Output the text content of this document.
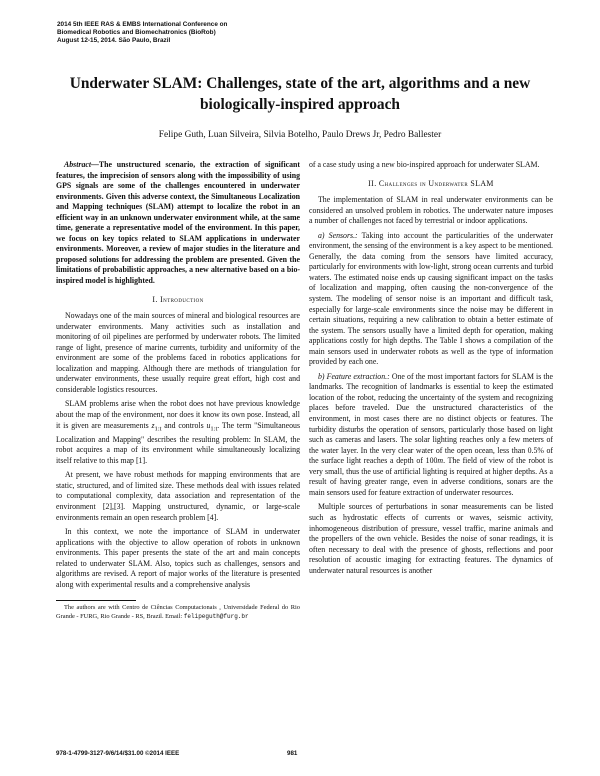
2014 5th IEEE RAS & EMBS International Conference on
Biomedical Robotics and Biomechatronics (BioRob)
August 12-15, 2014. São Paulo, Brazil
Underwater SLAM: Challenges, state of the art, algorithms and a new biologically-inspired approach
Felipe Guth, Luan Silveira, Silvia Botelho, Paulo Drews Jr, Pedro Ballester

Abstract—The unstructured scenario, the extraction of significant features, the imprecision of sensors along with the impossibility of using GPS signals are some of the challenges encountered in underwater environments. Given this adverse context, the Simultaneous Localization and Mapping techniques (SLAM) attempt to localize the robot in an efficient way in an unknown underwater environment while, at the same time, generate a representative model of the environment. In this paper, we focus on key topics related to SLAM applications in underwater environments. Moreover, a review of major studies in the literature and proposed solutions for addressing the problem are presented. Given the limitations of probabilistic approaches, a new alternative based on a bio-inspired model is highlighted.

I. Introduction

Nowadays one of the main sources of mineral and biological resources are underwater environments. Many activities such as installation and monitoring of oil pipelines are performed by underwater robots. The limited range of light, presence of marine currents, turbidity and uniformity of the environment are some of the problems faced in robotics applications for localization and mapping. Although there are methods of triangulation for underwater environments, these usually require great effort, high cost and considerable logistics resources.

SLAM problems arise when the robot does not have previous knowledge about the map of the environment, nor does it know its own pose. Instead, all it is given are measurements $z_{1:t}$ and controls $u_{1:t}$. The term "Simultaneous Localization and Mapping" describes the resulting problem: In SLAM, the robot acquires a map of its environment while simultaneously localizing itself relative to this map [1].

At present, we have robust methods for mapping environments that are static, structured, and of limited size. These methods deal with issues related to computational complexity, data association and representation of the environment [2],[3]. Mapping unstructured, dynamic, or large-scale environments remain an open research problem [4].

In this context, we note the importance of SLAM in underwater applications with the objective to allow operation of robots in unknown environments. This paper presents the state of the art and main concepts related to underwater SLAM. Also, topics such as challenges, sensors and algorithms are revised. A report of major works of the literature is presented along with experimental results and a comprehensive analysis

The authors are with Centro de Ciências Computacionais , Universidade Federal do Rio Grande - FURG, Rio Grande - RS, Brazil. Email: felipeguth@furg.br

of a case study using a new bio-inspired approach for underwater SLAM.

II. Challenges in Underwater SLAM

The implementation of SLAM in real underwater environments can be considered an unsolved problem in robotics. The underwater nature imposes a number of challenges not faced by terrestrial or indoor applications.

a) Sensors.: Taking into account the particularities of the underwater environment, the sensing of the environment is a key aspect to be mentioned. Generally, the data coming from the sensors have limited accuracy, particularly for environments with low-light, strong ocean currents and turbid waters. The estimated noise ends up causing significant impact on the tasks of localization and mapping, often causing the non-convergence of the system. The modeling of sensor noise is an important and difficult task, especially for large-scale environments since the noise may be different in certain situations, requiring a new calibration to obtain a better estimate of the system. The sensors usually have a limited depth for operation, making applications costly for high depths. The Table I shows a compilation of the main sensors used in underwater robots as well as the type of information provided by each one.

b) Feature extraction.: One of the most important factors for SLAM is the landmarks. The recognition of landmarks is essential to keep the estimated location of the robot, reducing the uncertainty of the system and recognizing places before traveled. Due the unstructured characteristics of the environment, in most cases there are no distinct objects or features. The turbidity disturbs the operation of sensors, particularly those based on light such as cameras and lasers. The solar lighting reaches only a few meters of the water layer. In the very clear water of the open ocean, less than 0.5% of the surface light reaches a depth of 100m. The field of view of the robot is very small, thus the use of artificial lighting is required at higher depths. As a result of having greater range, even in adverse conditions, sonars are the main sensors used for feature extraction of underwater resources.

Multiple sources of perturbations in sonar measurements can be listed such as hydrostatic effects of currents or waves, seismic activity, inhomogeneous distribution of pressure, vessel traffic, marine animals and the propellers of the own vehicle. Besides the noise of sonar readings, it is often necessary to deal with the presence of ghosts, reflections and poor resolution of acoustic imaging for extracting features. The dynamics of underwater natural resources is another

978-1-4799-3127-9/6/14/$31.00 ©2014 IEEE	981
